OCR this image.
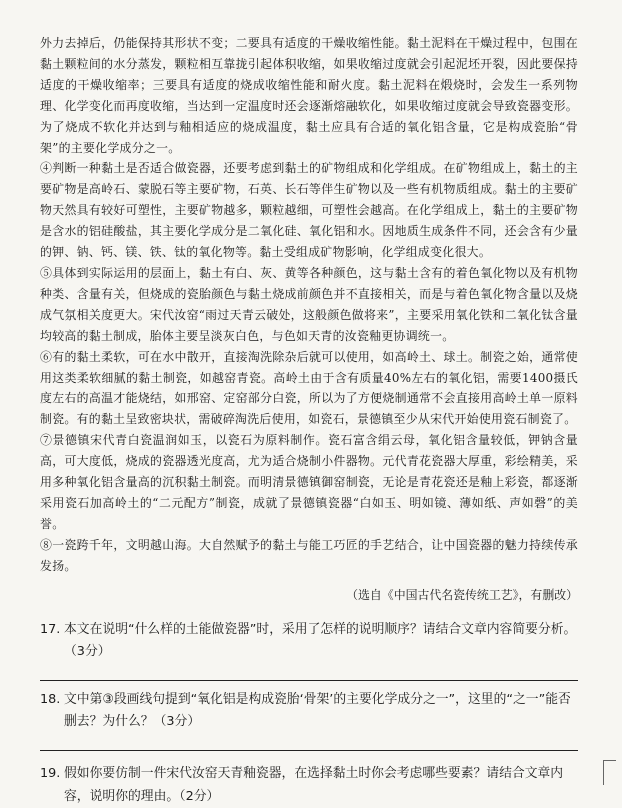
外力去掉后，仍能保持其形状不变；二要具有适度的干燥收缩性能。黏土泥料在干燥过程中，包围在黏土颗粒间的水分蒸发，颗粒相互靠拢引起体积收缩，如果收缩过度就会引起泥坯开裂，因此要保持适度的干燥收缩率；三要具有适度的烧成收缩性能和耐火度。黏土泥料在煅烧时，会发生一系列物理、化学变化而再度收缩，当达到一定温度时还会逐渐熔融软化，如果收缩过度就会导致瓷器变形。为了烧成不软化并达到与釉相适应的烧成温度，黏土应具有合适的氧化铝含量，它是构成瓷胎“骨架”的主要化学成分之一。

④判断一种黏土是否适合做瓷器，还要考虑到黏土的矿物组成和化学组成。在矿物组成上，黏土的主要矿物是高岭石、蒙脱石等主要矿物，石英、长石等伴生矿物以及一些有机物质组成。黏土的主要矿物天然具有较好可塑性，主要矿物越多，颗粒越细，可塑性会越高。在化学组成上，黏土的主要矿物是含水的铝硅酸盐，其主要化学成分是二氧化硅、氧化铝和水。因地质生成条件不同，还会含有少量的钾、钠、钙、镁、铁、钛的氧化物等。黏土受组成矿物影响，化学组成变化很大。

⑤具体到实际运用的层面上，黏土有白、灰、黄等各种颜色，这与黏土含有的着色氧化物以及有机物种类、含量有关，但烧成的瓷胎颜色与黏土烧成前颜色并不直接相关，而是与着色氧化物含量以及烧成气氛相关度更大。宋代汝窑“雨过天青云破处，这般颜色做将来”，主要采用氧化铁和二氧化钛含量均较高的黏土制成，胎体主要呈淡灰白色，与色如天青的汝瓷釉更协调统一。

⑥有的黏土柔软，可在水中散开，直接淘洗除杂后就可以使用，如高岭土、球土。制瓷之始，通常使用这类柔软细腻的黏土制瓷，如越窑青瓷。高岭土由于含有质量40%左右的氧化铝，需要1400摄氏度左右的高温才能烧结，如邢窑、定窑部分白瓷，所以为了方便烧制通常不会直接用高岭土单一原料制瓷。有的黏土呈致密块状，需破碎淘洗后使用，如瓷石，景德镇至少从宋代开始使用瓷石制瓷了。

⑦景德镇宋代青白瓷温润如玉，以瓷石为原料制作。瓷石富含绢云母，氧化铝含量较低，钾钠含量高，可大度低，烧成的瓷器透光度高，尤为适合烧制小件器物。元代青花瓷器大厚重，彩绘精美，采用多种氧化铝含量高的沉积黏土制瓷。而明清景德镇御窑制瓷，无论是青花瓷还是釉上彩瓷，都逐渐采用瓷石加高岭土的“二元配方”制瓷，成就了景德镇瓷器“白如玉、明如镜、薄如纸、声如磬”的美誉。

⑧一瓷跨千年，文明越山海。大自然赋予的黏土与能工巧匠的手艺结合，让中国瓷器的魅力持续传承发扬。

（选自《中国古代名瓷传统工艺》，有删改）
17. 本文在说明“什么样的土能做瓷器”时，采用了怎样的说明顺序？请结合文章内容简要分析。（3分）
18. 文中第③段画线句提到“氧化铝是构成瓷胎‘骨架’的主要化学成分之一”，这里的“之一”能否删去？为什么？（3分）
19. 假如你要仿制一件宋代汝窑天青釉瓷器，在选择黏土时你会考虑哪些要素？请结合文章内容，说明你的理由。（2分）
